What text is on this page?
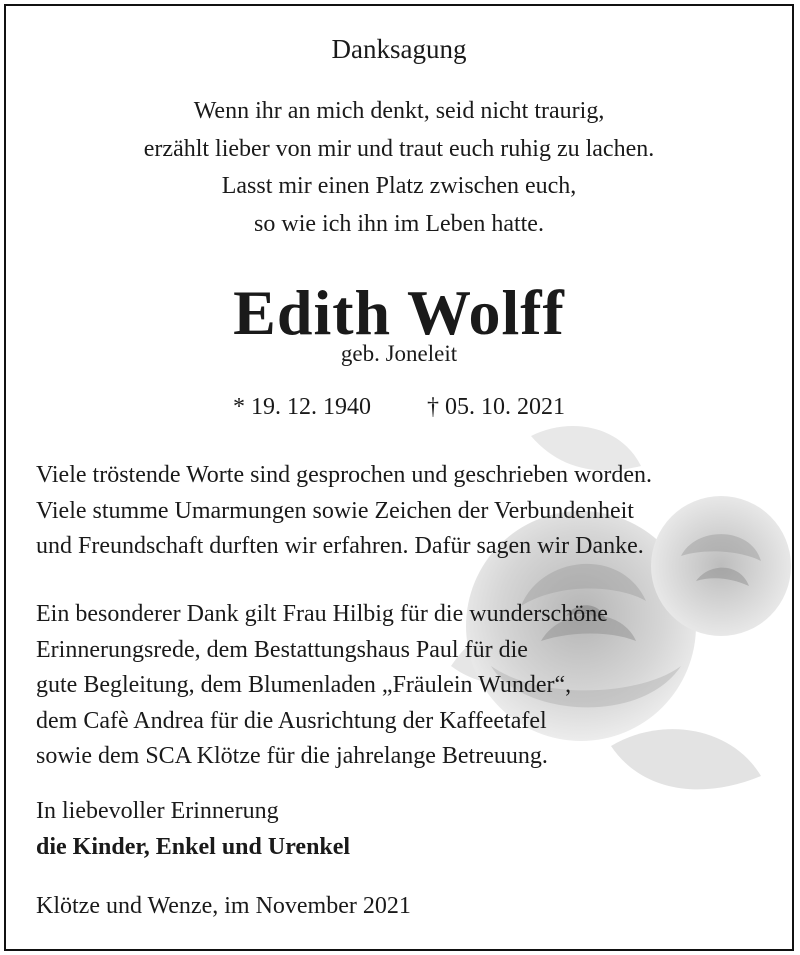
Danksagung
Wenn ihr an mich denkt, seid nicht traurig,
erzählt lieber von mir und traut euch ruhig zu lachen.
Lasst mir einen Platz zwischen euch,
so wie ich ihn im Leben hatte.
Edith Wolff
geb. Joneleit
* 19. 12. 1940 † 05. 10. 2021
Viele tröstende Worte sind gesprochen und geschrieben worden.
Viele stumme Umarmungen sowie Zeichen der Verbundenheit
und Freundschaft durften wir erfahren. Dafür sagen wir Danke.
Ein besonderer Dank gilt Frau Hilbig für die wunderschöne
Erinnerungsrede, dem Bestattungshaus Paul für die
gute Begleitung, dem Blumenladen „Fräulein Wunder“,
dem Cafè Andrea für die Ausrichtung der Kaffeetafel
sowie dem SCA Klötze für die jahrelange Betreuung.
In liebevoller Erinnerung
die Kinder, Enkel und Urenkel
Klötze und Wenze, im November 2021
